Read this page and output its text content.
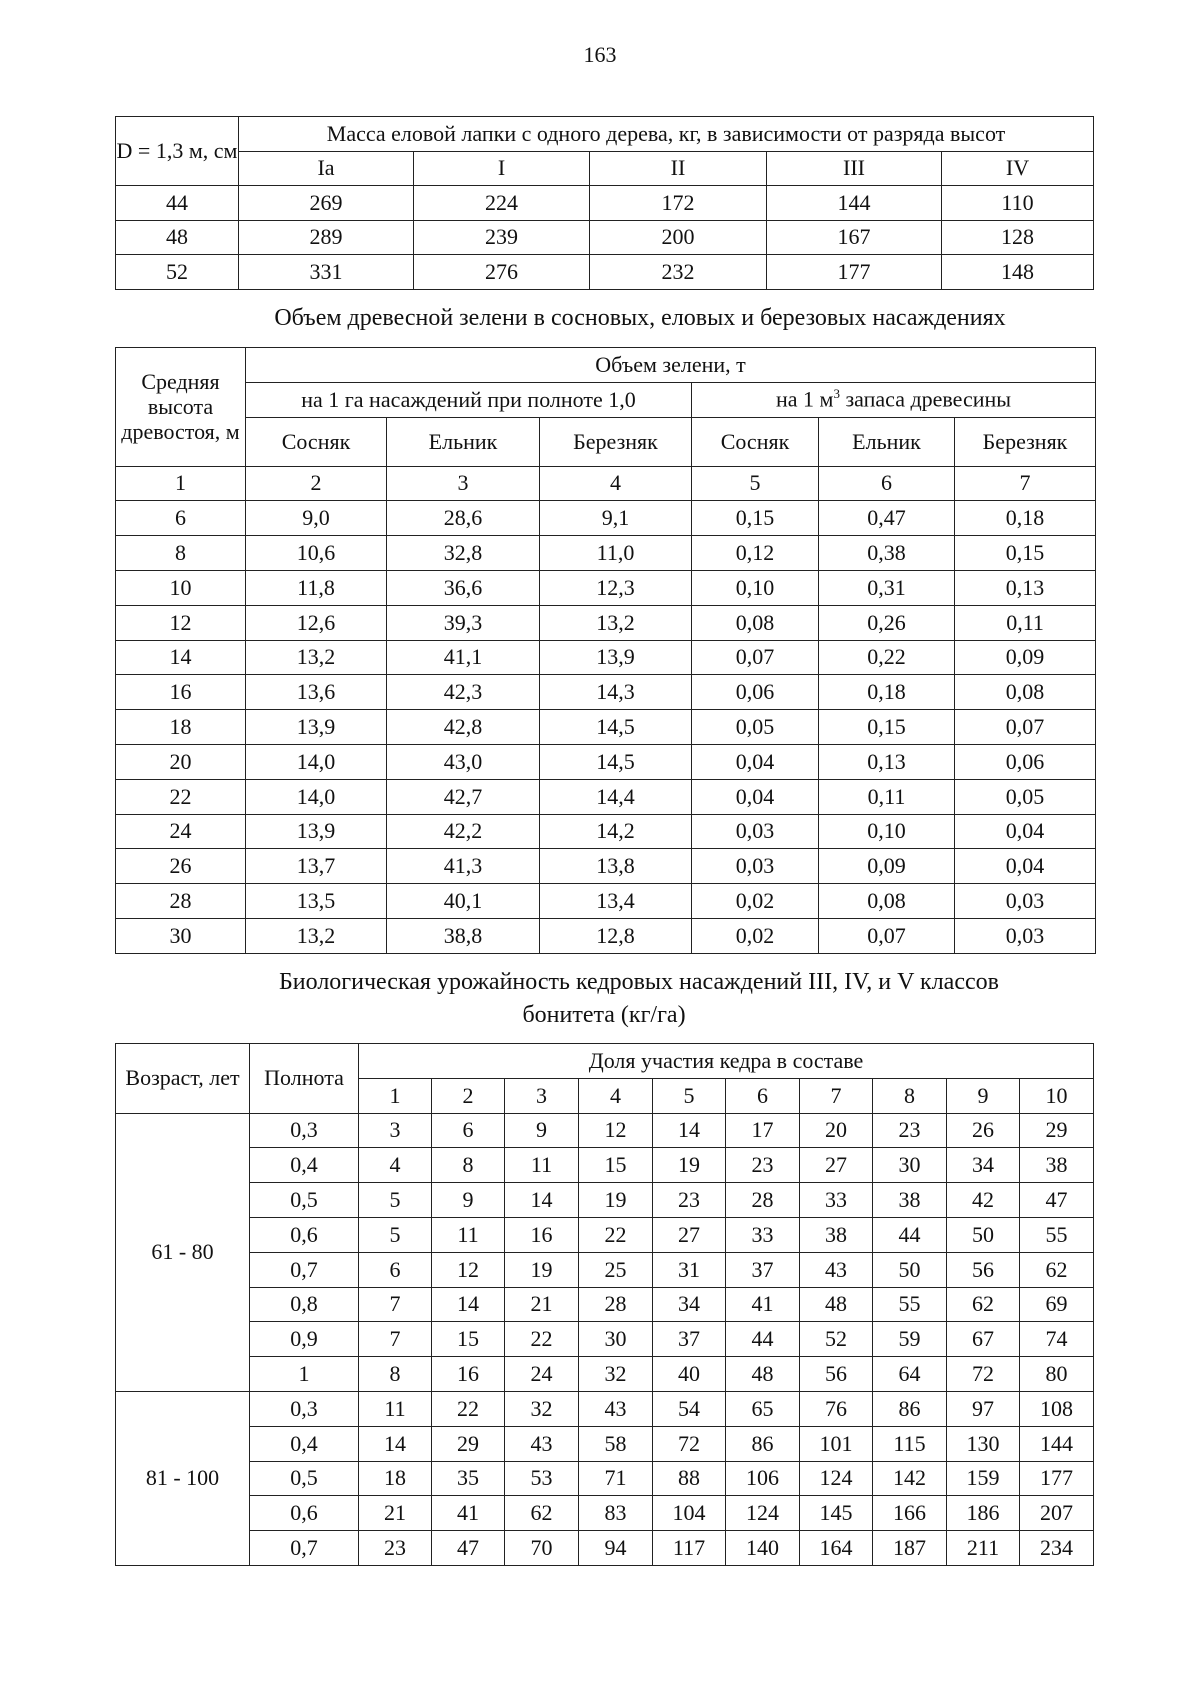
163
D = 1,3 м, см	Масса еловой лапки с одного дерева, кг, в зависимости от разряда высот				
	Ia	I	II	III	IV
44	269	224	172	144	110
48	289	239	200	167	128
52	331	276	232	177	148
Объем древесной зелени в сосновых, еловых и березовых насаждениях
Средняя высота древостоя, м	Объем зелени, т					
	на 1 га насаждений при полноте 1,0			на 1 $м^3$ запаса древесины		
	Сосняк	Ельник	Березняк	Сосняк	Ельник	Березняк
1	2	3	4	5	6	7
6	9,0	28,6	9,1	0,15	0,47	0,18
8	10,6	32,8	11,0	0,12	0,38	0,15
10	11,8	36,6	12,3	0,10	0,31	0,13
12	12,6	39,3	13,2	0,08	0,26	0,11
14	13,2	41,1	13,9	0,07	0,22	0,09
16	13,6	42,3	14,3	0,06	0,18	0,08
18	13,9	42,8	14,5	0,05	0,15	0,07
20	14,0	43,0	14,5	0,04	0,13	0,06
22	14,0	42,7	14,4	0,04	0,11	0,05
24	13,9	42,2	14,2	0,03	0,10	0,04
26	13,7	41,3	13,8	0,03	0,09	0,04
28	13,5	40,1	13,4	0,02	0,08	0,03
30	13,2	38,8	12,8	0,02	0,07	0,03
Биологическая урожайность кедровых насаждений III, IV, и V классов
бонитета (кг/га)
Возраст, лет	Полнота	Доля участия кедра в составе									
		1	2	3	4	5	6	7	8	9	10
61 - 80	0,3	3	6	9	12	14	17	20	23	26	29
	0,4	4	8	11	15	19	23	27	30	34	38
	0,5	5	9	14	19	23	28	33	38	42	47
	0,6	5	11	16	22	27	33	38	44	50	55
	0,7	6	12	19	25	31	37	43	50	56	62
	0,8	7	14	21	28	34	41	48	55	62	69
	0,9	7	15	22	30	37	44	52	59	67	74
	1	8	16	24	32	40	48	56	64	72	80
81 - 100	0,3	11	22	32	43	54	65	76	86	97	108
	0,4	14	29	43	58	72	86	101	115	130	144
	0,5	18	35	53	71	88	106	124	142	159	177
	0,6	21	41	62	83	104	124	145	166	186	207
	0,7	23	47	70	94	117	140	164	187	211	234
